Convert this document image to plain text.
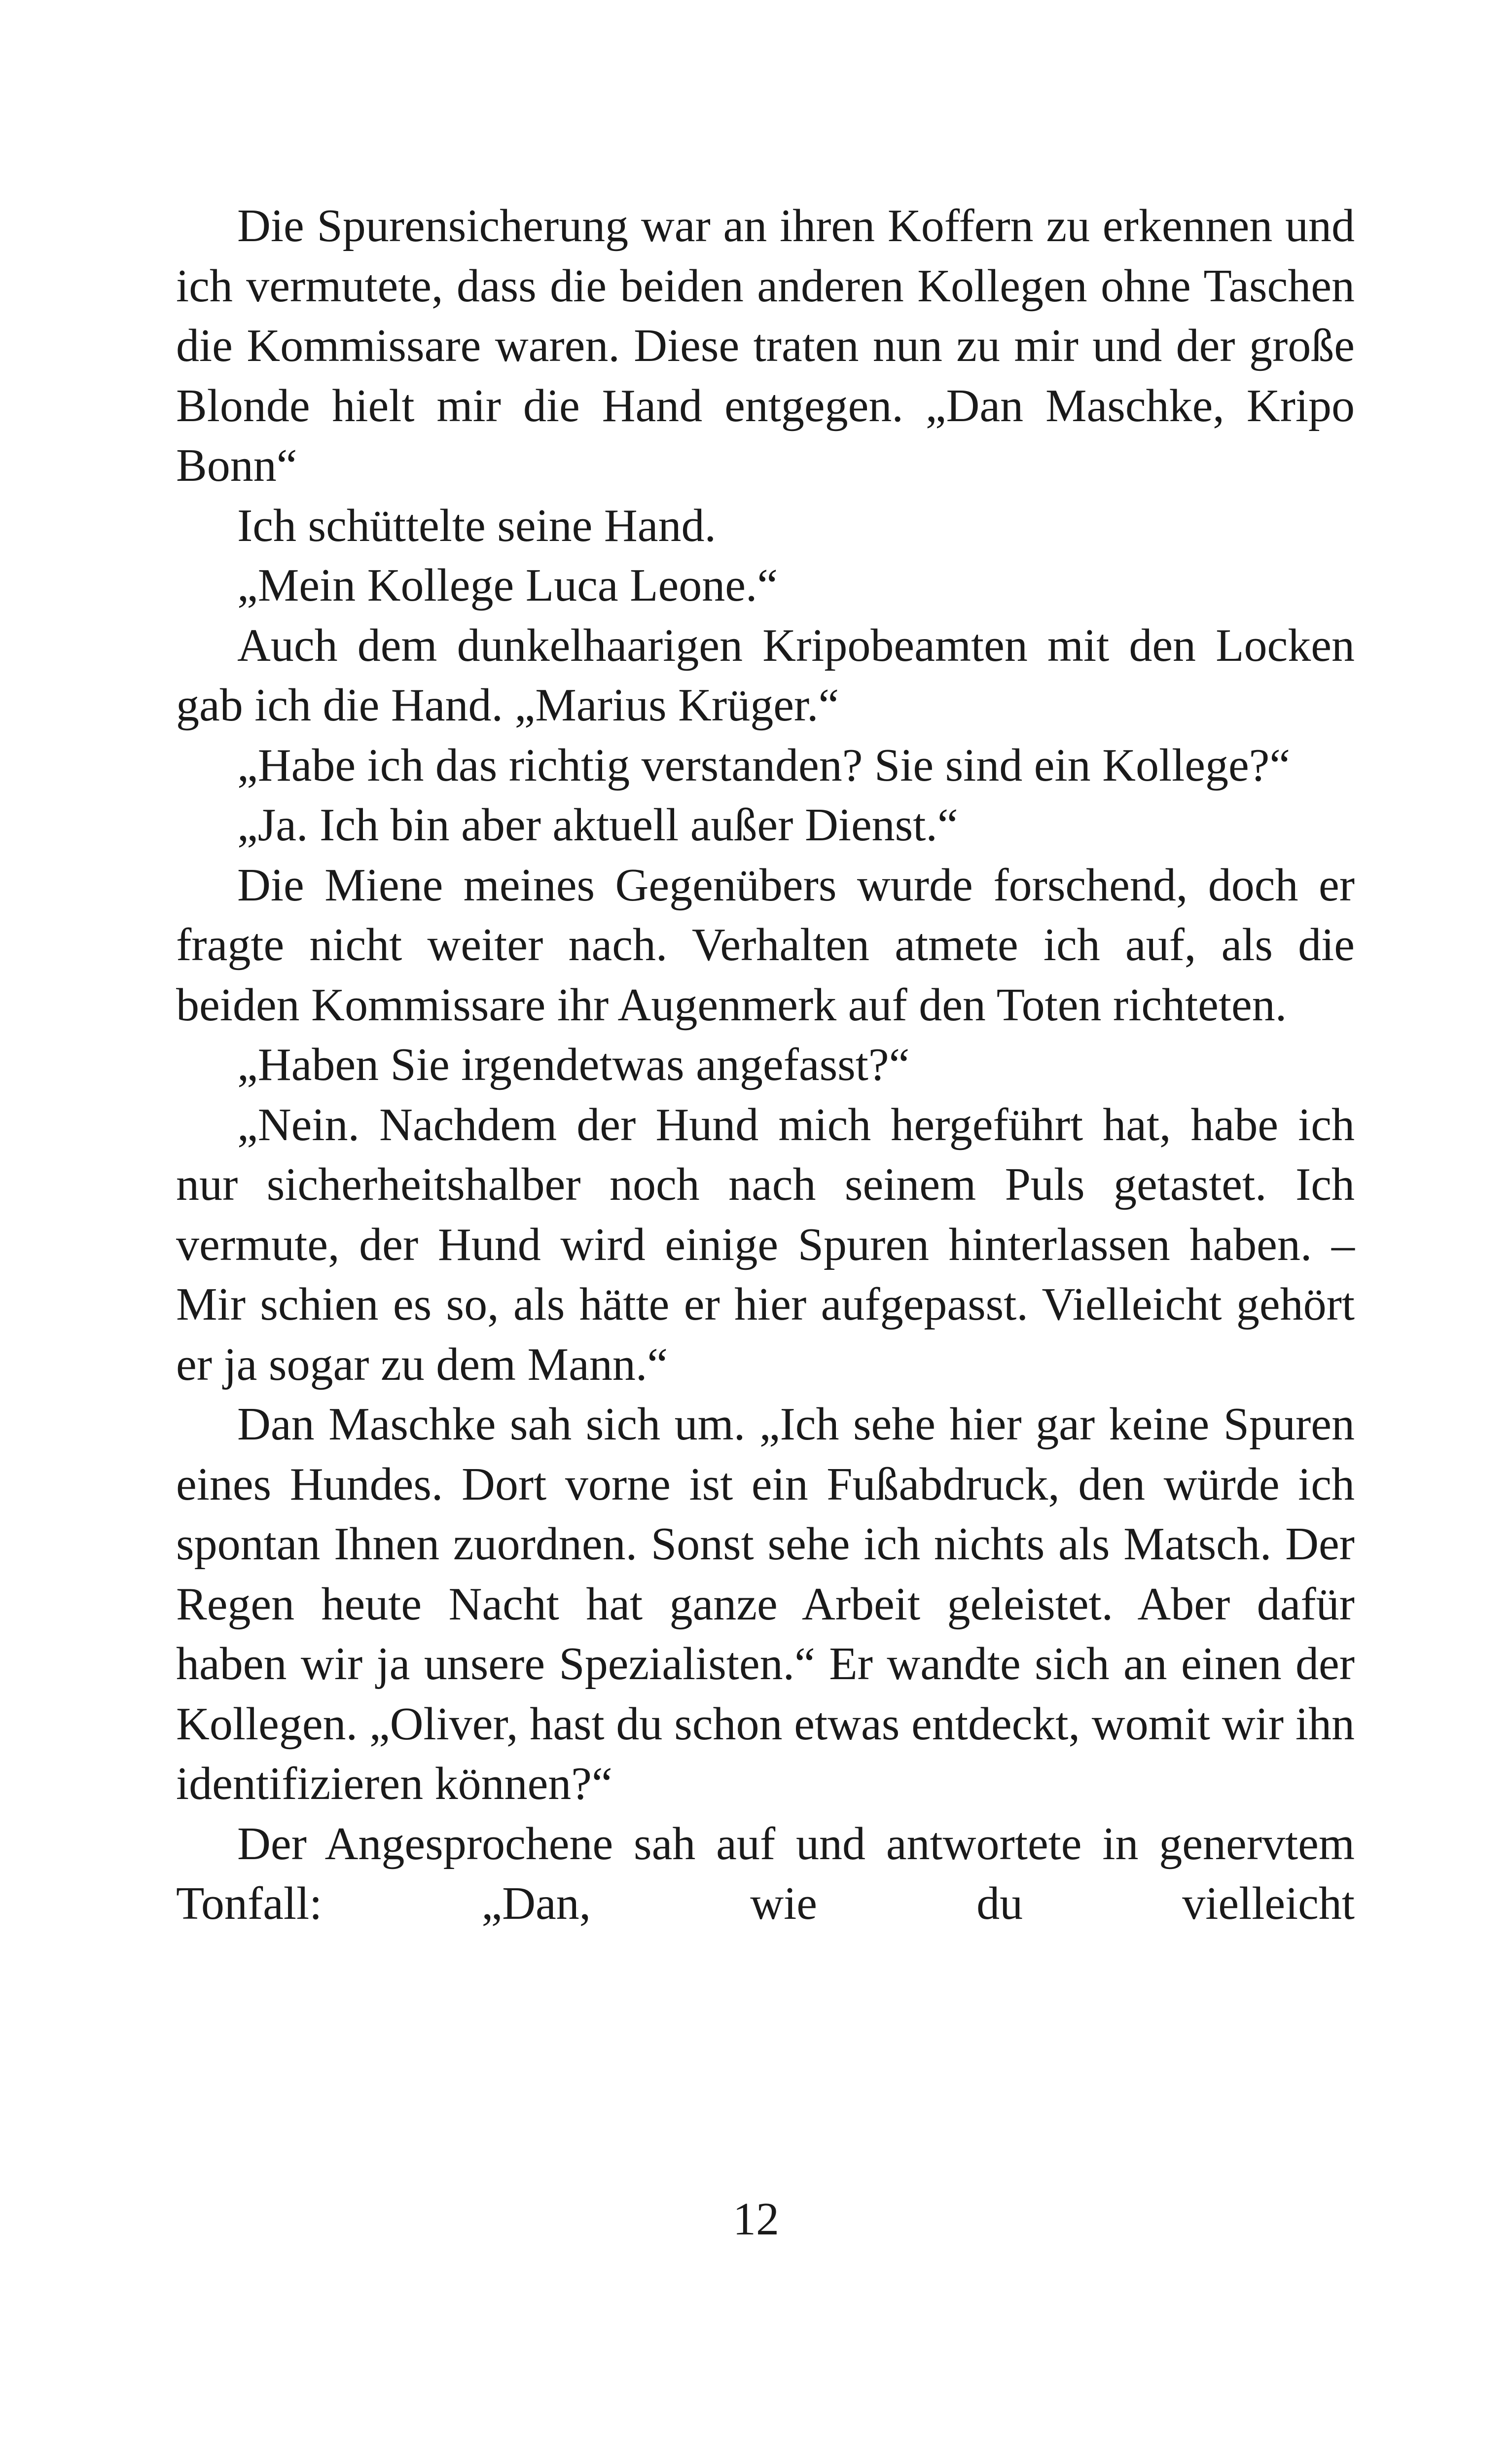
Die Spurensicherung war an ihren Koffern zu erkennen und ich vermutete, dass die beiden anderen Kollegen ohne Taschen die Kommissare waren. Diese traten nun zu mir und der große Blonde hielt mir die Hand entgegen. „Dan Maschke, Kripo Bonn“

Ich schüttelte seine Hand.

„Mein Kollege Luca Leone.“

Auch dem dunkelhaarigen Kripobeamten mit den Locken gab ich die Hand. „Marius Krüger.“

„Habe ich das richtig verstanden? Sie sind ein Kollege?“

„Ja. Ich bin aber aktuell außer Dienst.“

Die Miene meines Gegenübers wurde forschend, doch er fragte nicht weiter nach. Verhalten atmete ich auf, als die beiden Kommissare ihr Augenmerk auf den Toten richteten.

„Haben Sie irgendetwas angefasst?“

„Nein. Nachdem der Hund mich hergeführt hat, habe ich nur sicherheitshalber noch nach seinem Puls getastet. Ich vermute, der Hund wird einige Spuren hinterlassen haben. – Mir schien es so, als hätte er hier aufgepasst. Vielleicht gehört er ja sogar zu dem Mann.“

Dan Maschke sah sich um. „Ich sehe hier gar keine Spuren eines Hundes. Dort vorne ist ein Fußabdruck, den würde ich spontan Ihnen zuordnen. Sonst sehe ich nichts als Matsch. Der Regen heute Nacht hat ganze Arbeit geleistet. Aber dafür haben wir ja unsere Spezialisten.“ Er wandte sich an einen der Kollegen. „Oliver, hast du schon etwas entdeckt, womit wir ihn identifizieren können?“

Der Angesprochene sah auf und antwortete in genervtem Tonfall: „Dan, wie du vielleicht

12
